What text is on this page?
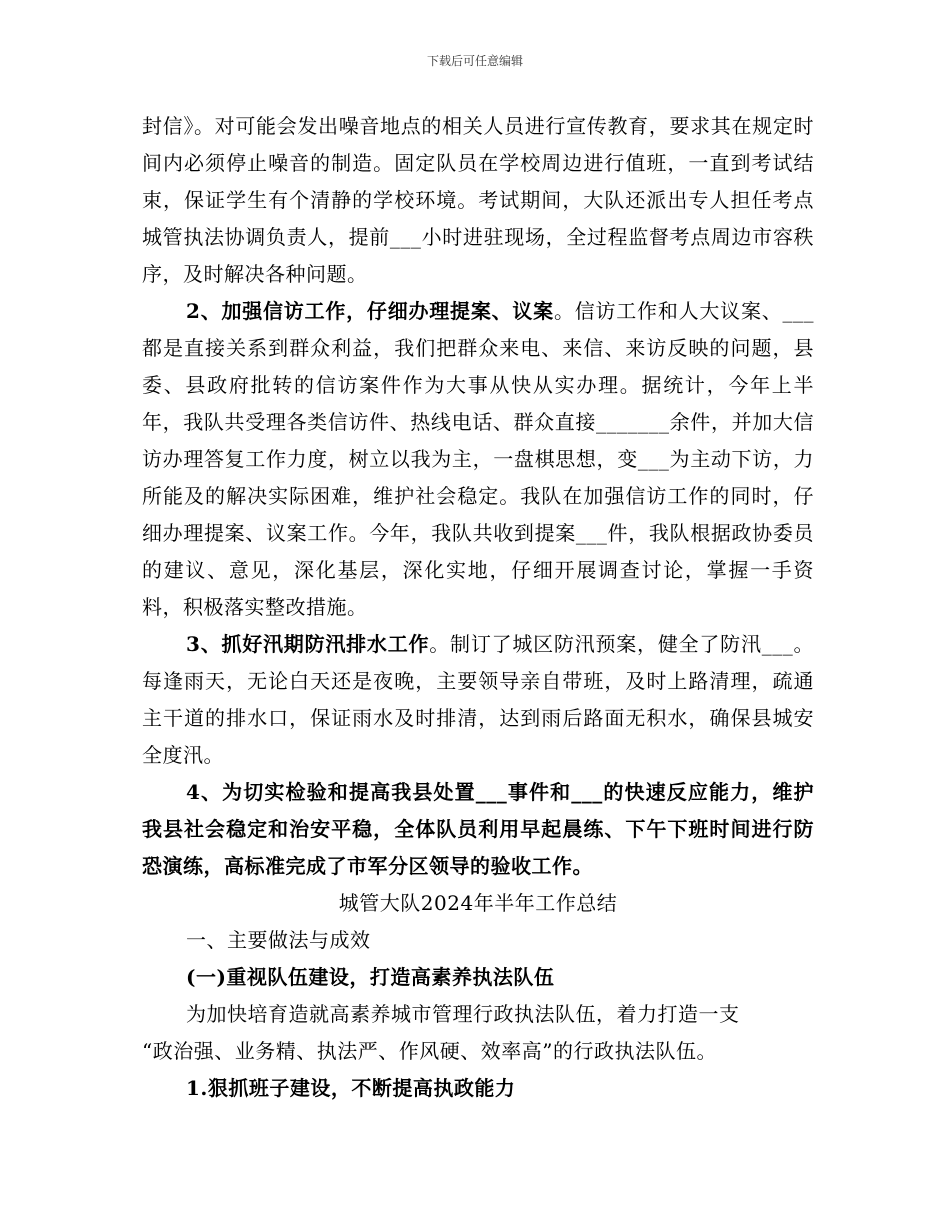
下载后可任意编辑

封信》。对可能会发出噪音地点的相关人员进行宣传教育，要求其在规定时间内必须停止噪音的制造。固定队员在学校周边进行值班，一直到考试结束，保证学生有个清静的学校环境。考试期间，大队还派出专人担任考点城管执法协调负责人，提前___小时进驻现场，全过程监督考点周边市容秩序，及时解决各种问题。

2、加强信访工作，仔细办理提案、议案。信访工作和人大议案、___都是直接关系到群众利益，我们把群众来电、来信、来访反映的问题，县委、县政府批转的信访案件作为大事从快从实办理。据统计，今年上半年，我队共受理各类信访件、热线电话、群众直接_______余件，并加大信访办理答复工作力度，树立以我为主，一盘棋思想，变___为主动下访，力所能及的解决实际困难，维护社会稳定。我队在加强信访工作的同时，仔细办理提案、议案工作。今年，我队共收到提案___件，我队根据政协委员的建议、意见，深化基层，深化实地，仔细开展调查讨论，掌握一手资料，积极落实整改措施。

3、抓好汛期防汛排水工作。制订了城区防汛预案，健全了防汛___。每逢雨天，无论白天还是夜晚，主要领导亲自带班，及时上路清理，疏通主干道的排水口，保证雨水及时排清，达到雨后路面无积水，确保县城安全度汛。

4、为切实检验和提高我县处置___事件和___的快速反应能力，维护我县社会稳定和治安平稳，全体队员利用早起晨练、下午下班时间进行防恐演练，高标准完成了市军分区领导的验收工作。

城管大队2024年半年工作总结

一、主要做法与成效

(一)重视队伍建设，打造高素养执法队伍

为加快培育造就高素养城市管理行政执法队伍，着力打造一支

“政治强、业务精、执法严、作风硬、效率高”的行政执法队伍。

1.狠抓班子建设，不断提高执政能力
